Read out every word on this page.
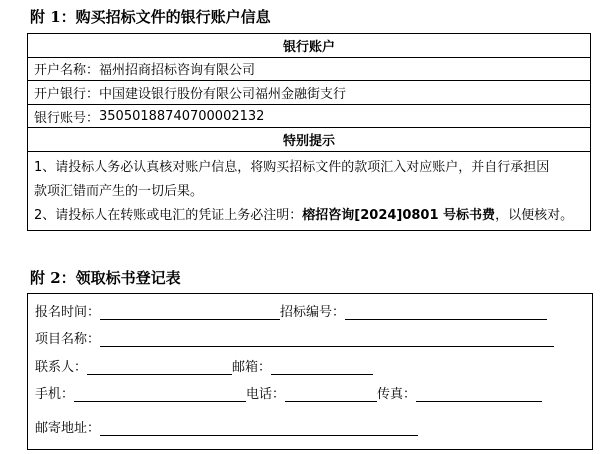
附 1：购买招标文件的银行账户信息
银行账户
开户名称： 福州招商招标咨询有限公司
开户银行： 中国建设银行股份有限公司福州金融街支行
银行账号： 35050188740700002132
特别提示
1、请投标人务必认真核对账户信息，将购买招标文件的款项汇入对应账户，并自行承担因
款项汇错而产生的一切后果。
2、请投标人在转账或电汇的凭证上务必注明：榕招咨询[2024]0801 号标书费，以便核对。
附 2：领取标书登记表
报名时间：	招标编号：
项目名称：
联系人：	邮箱：
手机：	电话：	传真：
邮寄地址：
